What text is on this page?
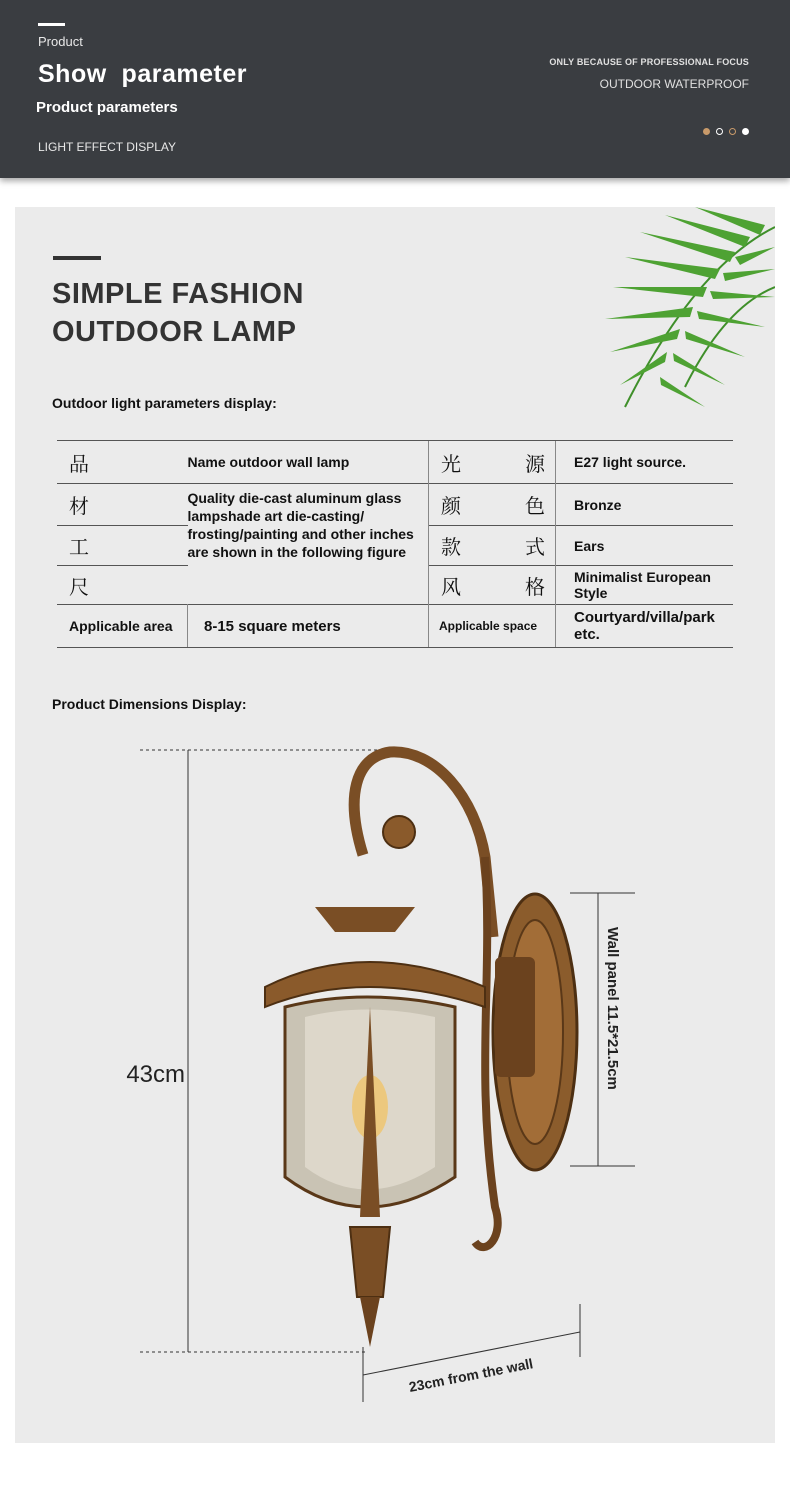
Product
Show  parameter
Product parameters
LIGHT EFFECT DISPLAY
ONLY BECAUSE OF PROFESSIONAL FOCUS
OUTDOOR WATERPROOF
SIMPLE FASHION
OUTDOOR LAMP
Outdoor light parameters display:
品	Name outdoor wall lamp	光 源	E27 light source.
材	Quality die-cast aluminum glass lampshade art die-casting/ frosting/painting and other inches are shown in the following figure	颜 色	Bronze
工		款 式	Ears
尺		风 格	Minimalist European Style
Applicable area	8-15 square meters	Applicable space	Courtyard/villa/park etc.
Product Dimensions Display:
43cm	Wall panel 11.5*21.5cm
23cm from the wall
